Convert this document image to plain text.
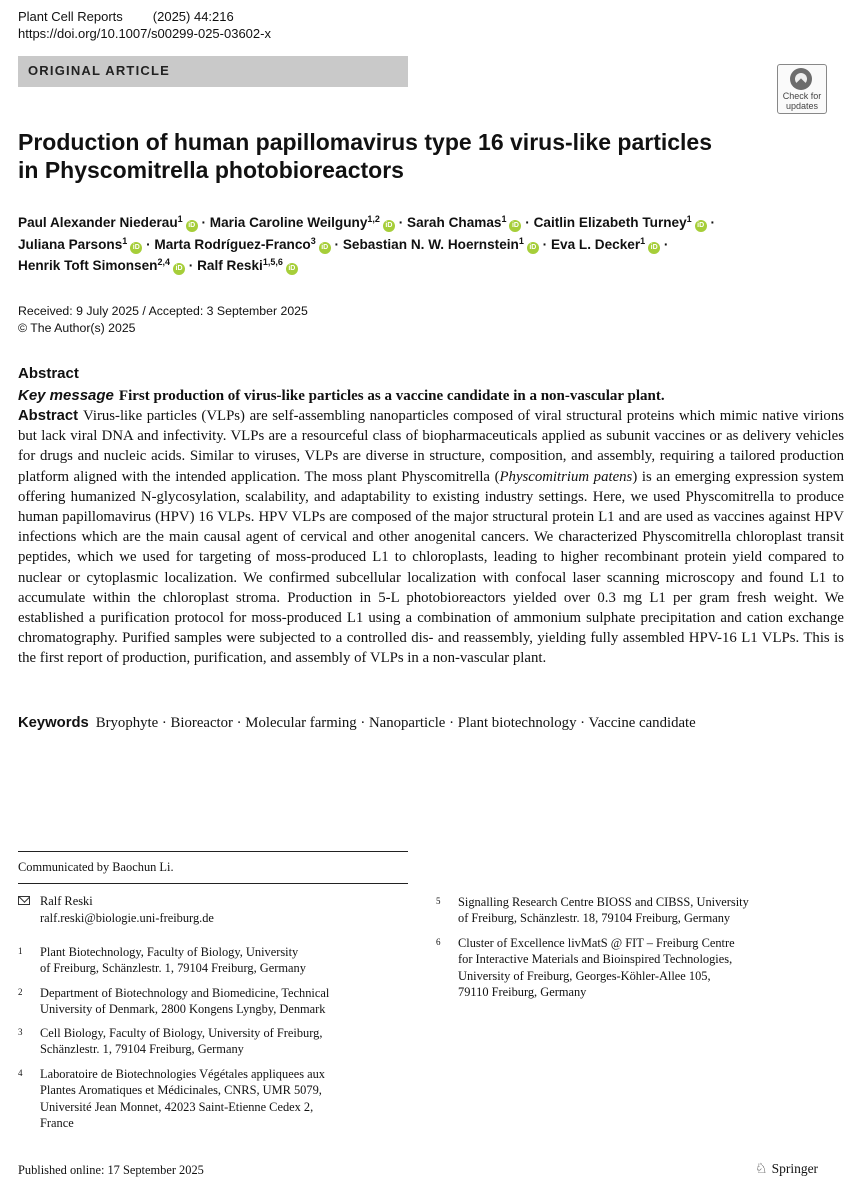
Plant Cell Reports (2025) 44:216
https://doi.org/10.1007/s00299-025-03602-x
ORIGINAL ARTICLE
Check for
updates
Production of human papillomavirus type 16 virus-like particles
in Physcomitrella photobioreactors
Paul Alexander Niederau$^1$iD · Maria Caroline Weilguny$^{1,2}$iD · Sarah Chamas$^1$iD · Caitlin Elizabeth Turney$^1$iD ·
Juliana Parsons$^1$iD · Marta Rodríguez-Franco$^3$iD · Sebastian N. W. Hoernstein$^1$iD · Eva L. Decker$^1$iD ·
Henrik Toft Simonsen$^{2,4}$iD · Ralf Reski$^{1,5,6}$iD
Received: 9 July 2025 / Accepted: 3 September 2025
© The Author(s) 2025
Abstract
Key message First production of virus-like particles as a vaccine candidate in a non-vascular plant.

Abstract Virus-like particles (VLPs) are self-assembling nanoparticles composed of viral structural proteins which mimic native virions but lack viral DNA and infectivity. VLPs are a resourceful class of biopharmaceuticals applied as subunit vaccines or as delivery vehicles for drugs and nucleic acids. Similar to viruses, VLPs are diverse in structure, composition, and assembly, requiring a tailored production platform aligned with the intended application. The moss plant Physcomitrella (Physcomitrium patens) is an emerging expression system offering humanized N-glycosylation, scalability, and adaptability to existing industry settings. Here, we used Physcomitrella to produce human papillomavirus (HPV) 16 VLPs. HPV VLPs are composed of the major structural protein L1 and are used as vaccines against HPV infections which are the main causal agent of cervical and other anogenital cancers. We characterized Physcomitrella chloroplast transit peptides, which we used for targeting of moss-produced L1 to chloroplasts, leading to higher recombinant protein yield compared to nuclear or cytoplasmic localization. We confirmed subcellular localization with confocal laser scanning microscopy and found L1 to accumulate within the chloroplast stroma. Production in 5-L photobioreactors yielded over 0.3 mg L1 per gram fresh weight. We established a purification protocol for moss-produced L1 using a combination of ammonium sulphate precipitation and cation exchange chromatography. Purified samples were subjected to a controlled dis- and reassembly, yielding fully assembled HPV-16 L1 VLPs. This is the first report of production, purification, and assembly of VLPs in a non-vascular plant.

Keywords Bryophyte · Bioreactor · Molecular farming · Nanoparticle · Plant biotechnology · Vaccine candidate
Communicated by Baochun Li.
Ralf Reski
ralf.reski@biologie.uni-freiburg.de
1 Plant Biotechnology, Faculty of Biology, University
of Freiburg, Schänzlestr. 1, 79104 Freiburg, Germany
2 Department of Biotechnology and Biomedicine, Technical
University of Denmark, 2800 Kongens Lyngby, Denmark
3 Cell Biology, Faculty of Biology, University of Freiburg,
Schänzlestr. 1, 79104 Freiburg, Germany
4 Laboratoire de Biotechnologies Végétales appliquees aux
Plantes Aromatiques et Médicinales, CNRS, UMR 5079,
Université Jean Monnet, 42023 Saint-Etienne Cedex 2,
France
5 Signalling Research Centre BIOSS and CIBSS, University
of Freiburg, Schänzlestr. 18, 79104 Freiburg, Germany
6 Cluster of Excellence livMatS @ FIT – Freiburg Centre
for Interactive Materials and Bioinspired Technologies,
University of Freiburg, Georges-Köhler-Allee 105,
79110 Freiburg, Germany
Published online: 17 September 2025	♘ Springer
